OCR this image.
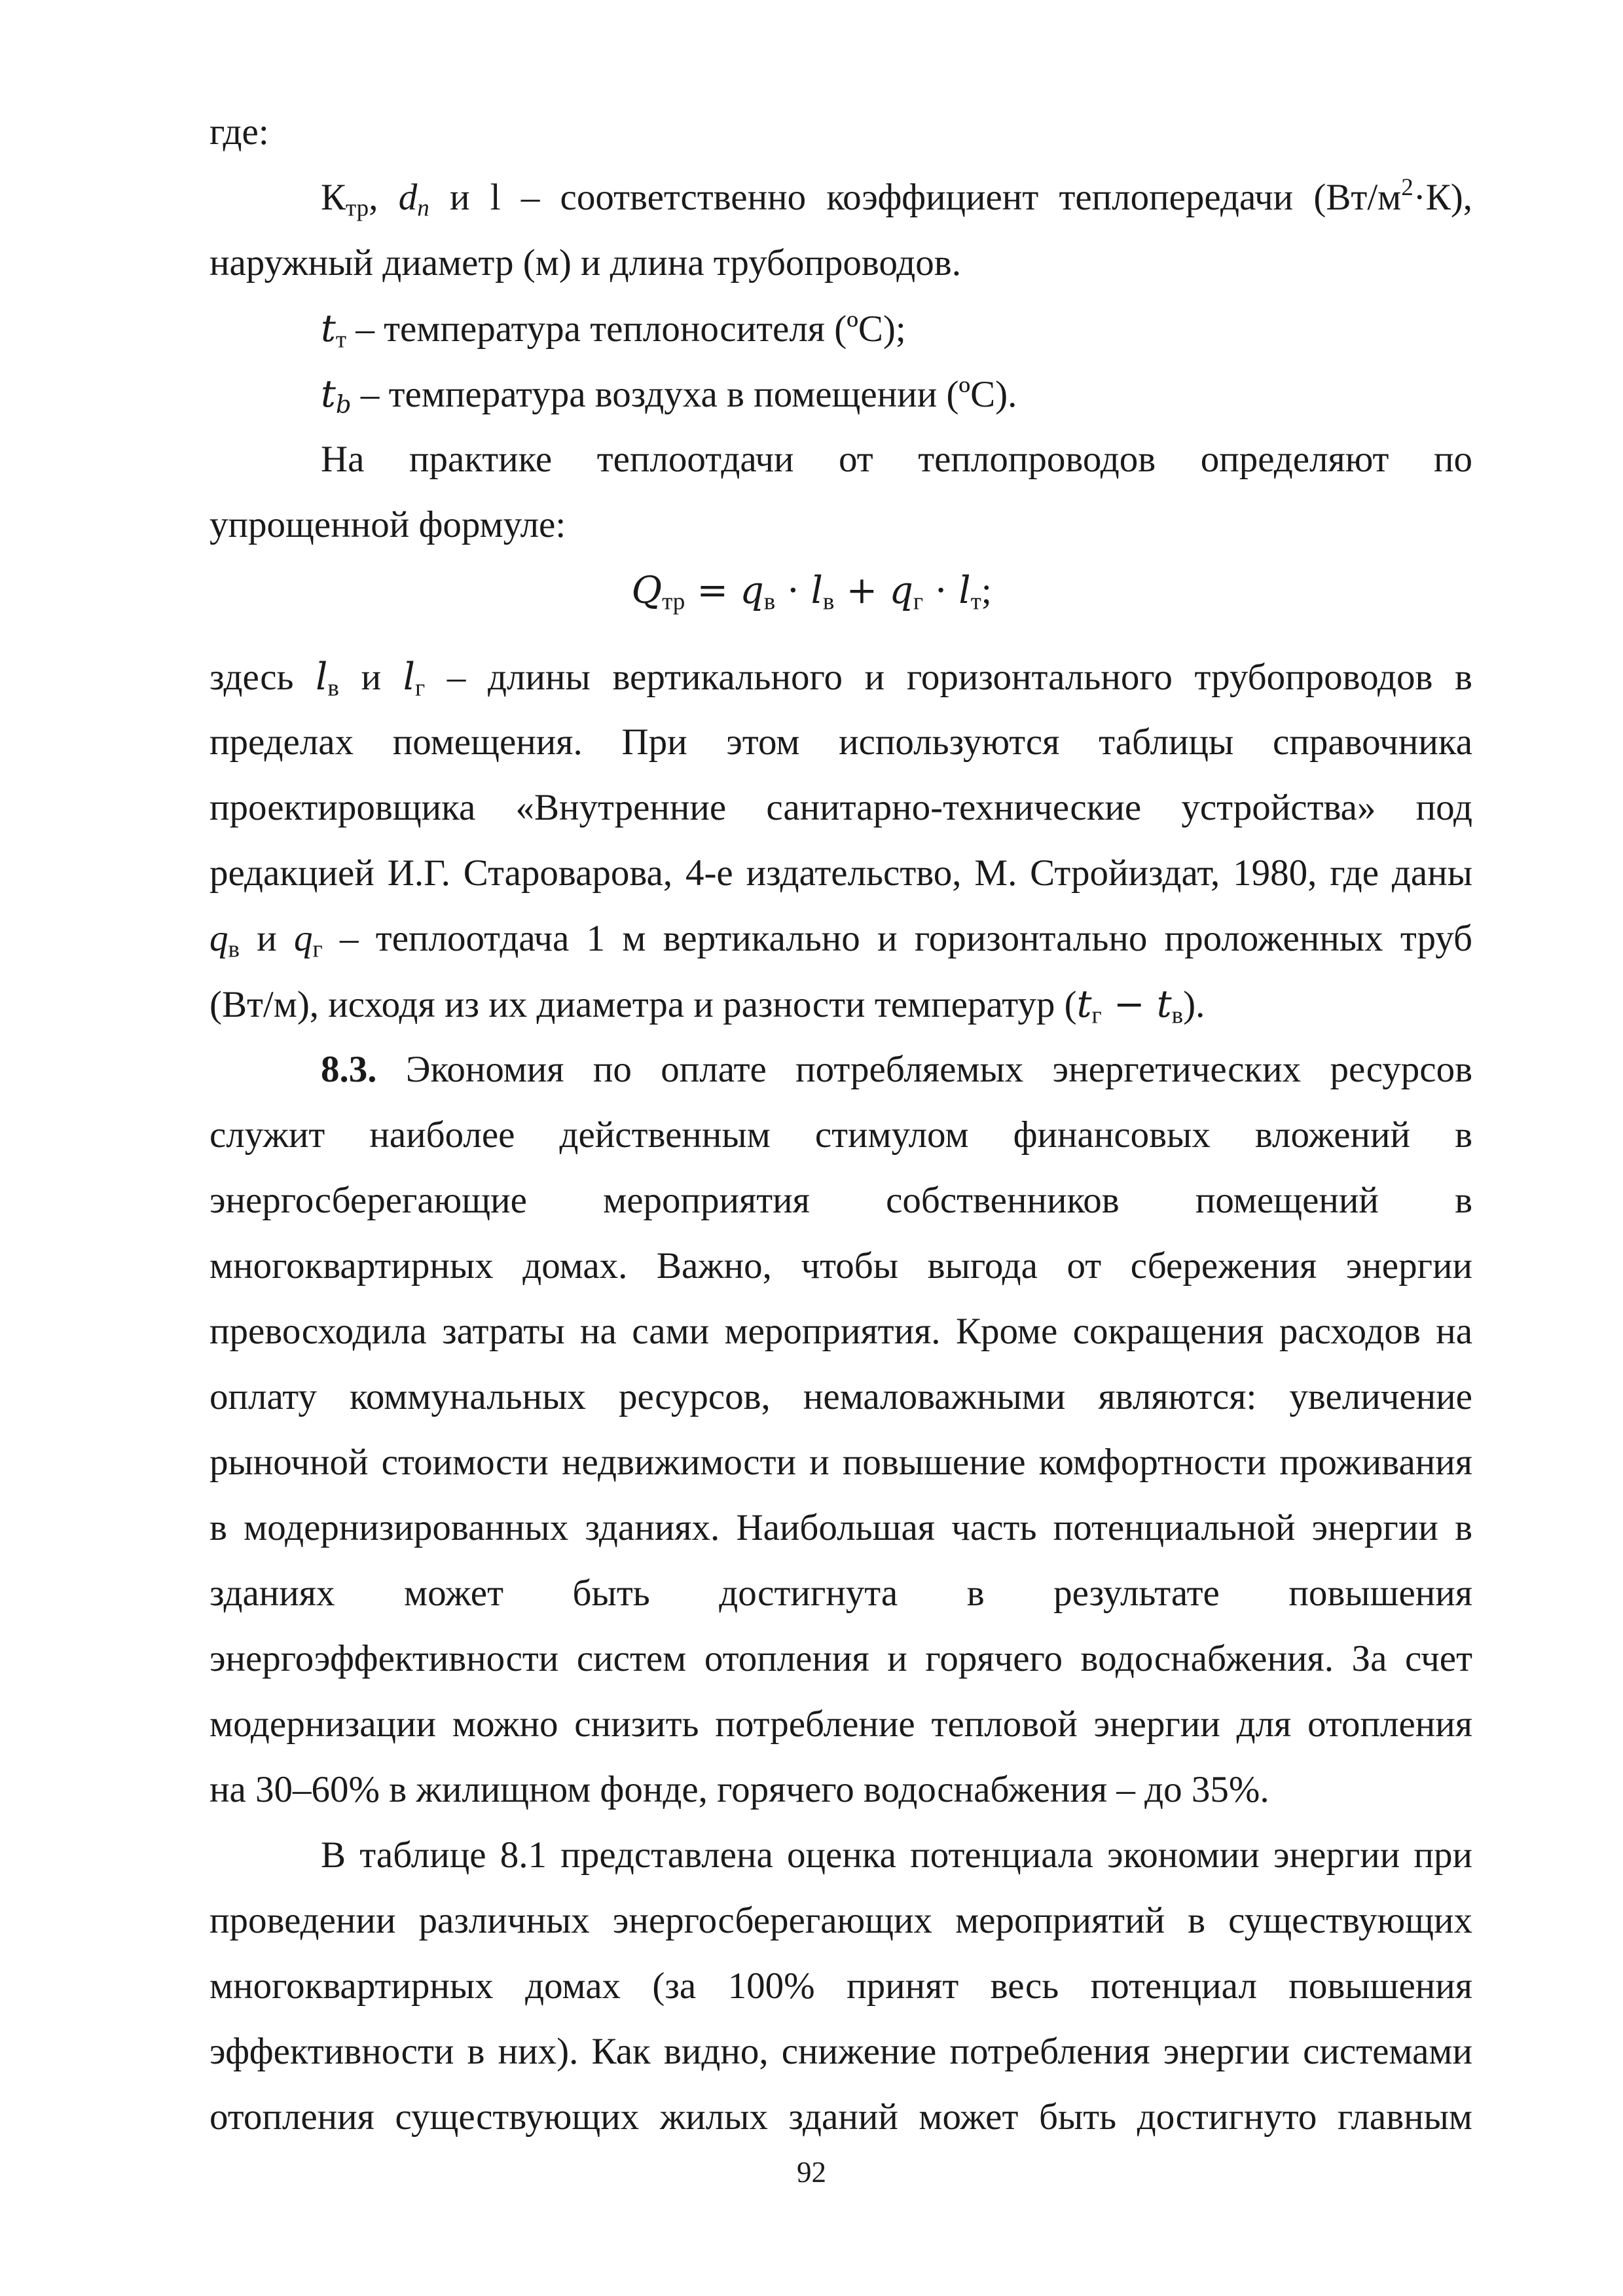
где:
$К_{тр}$, $d_n$ и l – соответственно коэффициент теплопередачи $(Вт/м^2\cdot К)$,
наружный диаметр (м) и длина трубопроводов.
$t_т$ – температура теплоносителя (ºС);
$t_b$ – температура воздуха в помещении (ºС).
На практике теплоотдачи от теплопроводов определяют по
упрощенной формуле:
$Q_{тр} = q_в \cdot l_в + q_г \cdot l_т$;
здесь $l_в$ и $l_г$ – длины вертикального и горизонтального трубопроводов в
пределах помещения. При этом используются таблицы справочника
проектировщика «Внутренние санитарно-технические устройства» под
редакцией И.Г. Староварова, 4-е издательство, М. Стройиздат, 1980, где даны
$q_в$ и $q_г$ – теплоотдача 1 м вертикально и горизонтально проложенных труб
(Вт/м), исходя из их диаметра и разности температур $(t_г - t_в)$.
8.3. Экономия по оплате потребляемых энергетических ресурсов
служит наиболее действенным стимулом финансовых вложений в
энергосберегающие мероприятия собственников помещений в
многоквартирных домах. Важно, чтобы выгода от сбережения энергии
превосходила затраты на сами мероприятия. Кроме сокращения расходов на
оплату коммунальных ресурсов, немаловажными являются: увеличение
рыночной стоимости недвижимости и повышение комфортности проживания
в модернизированных зданиях. Наибольшая часть потенциальной энергии в
зданиях может быть достигнута в результате повышения
энергоэффективности систем отопления и горячего водоснабжения. За счет
модернизации можно снизить потребление тепловой энергии для отопления
на 30–60% в жилищном фонде, горячего водоснабжения – до 35%.
В таблице 8.1 представлена оценка потенциала экономии энергии при
проведении различных энергосберегающих мероприятий в существующих
многоквартирных домах (за 100% принят весь потенциал повышения
эффективности в них). Как видно, снижение потребления энергии системами
отопления существующих жилых зданий может быть достигнуто главным
92
